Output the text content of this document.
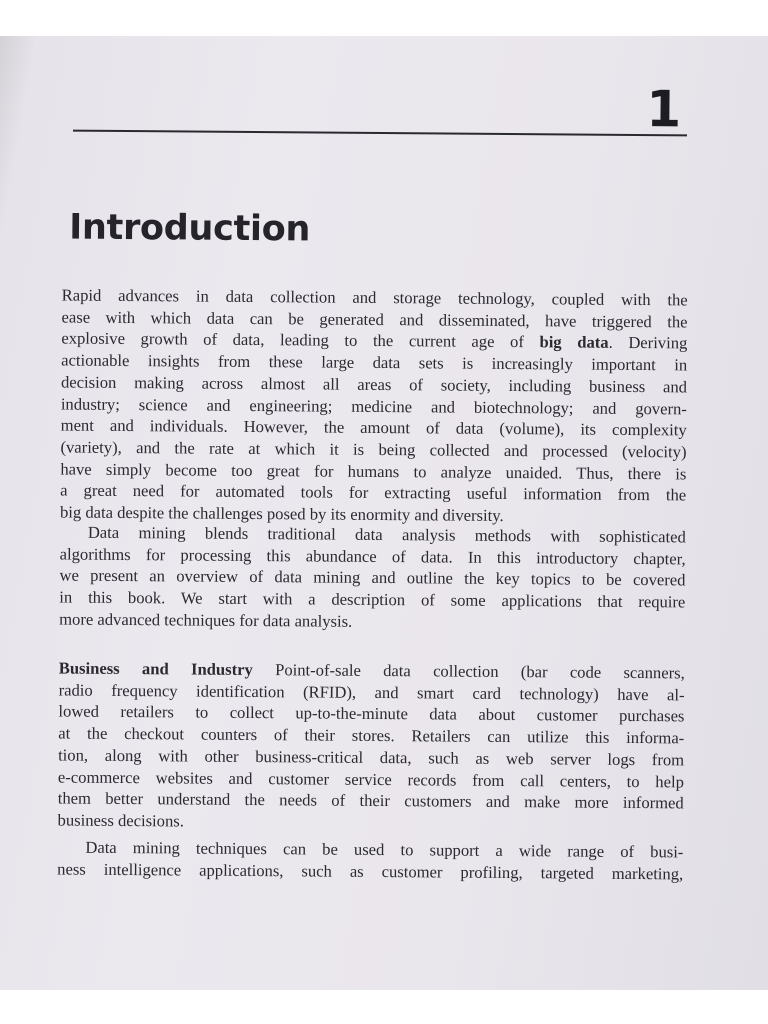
1
Introduction

Rapid advances in data collection and storage technology, coupled with the
ease with which data can be generated and disseminated, have triggered the
explosive growth of data, leading to the current age of big data. Deriving
actionable insights from these large data sets is increasingly important in
decision making across almost all areas of society, including business and
industry; science and engineering; medicine and biotechnology; and govern-
ment and individuals. However, the amount of data (volume), its complexity
(variety), and the rate at which it is being collected and processed (velocity)
have simply become too great for humans to analyze unaided. Thus, there is
a great need for automated tools for extracting useful information from the
big data despite the challenges posed by its enormity and diversity.

Data mining blends traditional data analysis methods with sophisticated
algorithms for processing this abundance of data. In this introductory chapter,
we present an overview of data mining and outline the key topics to be covered
in this book. We start with a description of some applications that require
more advanced techniques for data analysis.

Business and Industry Point-of-sale data collection (bar code scanners,
radio frequency identification (RFID), and smart card technology) have al-
lowed retailers to collect up-to-the-minute data about customer purchases
at the checkout counters of their stores. Retailers can utilize this informa-
tion, along with other business-critical data, such as web server logs from
e-commerce websites and customer service records from call centers, to help
them better understand the needs of their customers and make more informed
business decisions.

Data mining techniques can be used to support a wide range of busi-
ness intelligence applications, such as customer profiling, targeted marketing,
